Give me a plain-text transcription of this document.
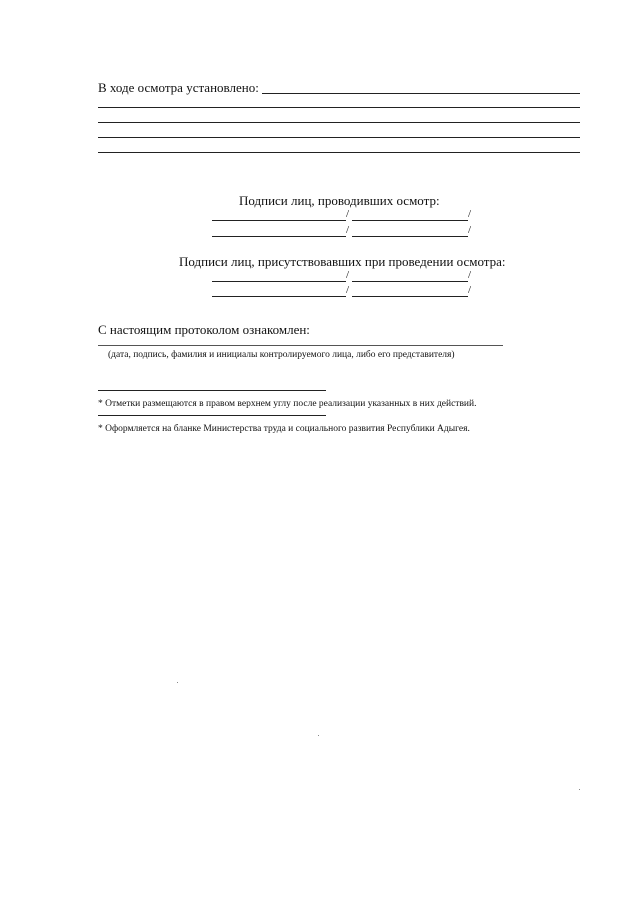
В ходе осмотра установлено:
Подписи лиц, проводивших осмотр:
/	/
/	/
Подписи лиц, присутствовавших при проведении осмотра:
/	/
/	/
С настоящим протоколом ознакомлен:
(дата, подпись, фамилия и инициалы контролируемого лица, либо его представителя)
* Отметки размещаются в правом верхнем углу после реализации указанных в них действий.
* Оформляется на бланке Министерства труда и социального развития Республики Адыгея.
